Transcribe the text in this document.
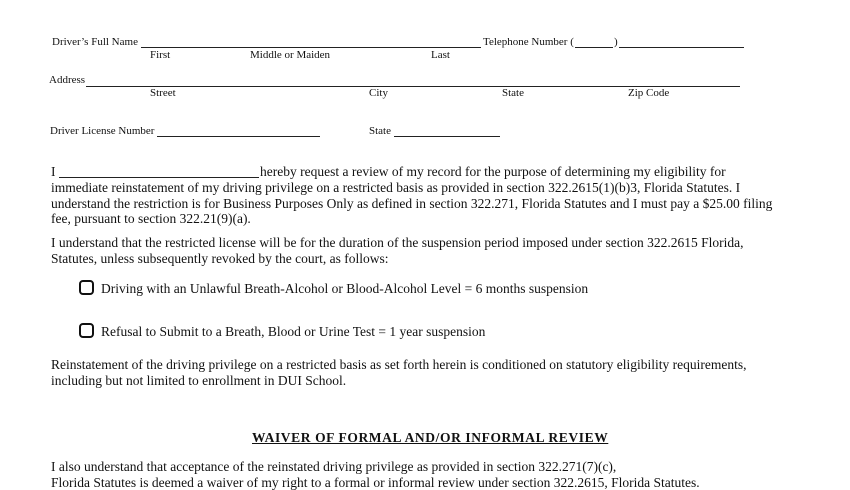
Driver’s Full Name	Telephone Number (	)
First	Middle or Maiden	Last
Address
Street	City	State	Zip Code
Driver License Number	State
I	hereby request a review of my record for the purpose of determining my eligibility for
immediate reinstatement of my driving privilege on a restricted basis as provided in section 322.2615(1)(b)3, Florida Statutes. I
understand the restriction is for Business Purposes Only as defined in section 322.271, Florida Statutes and I must pay a $25.00 filing
fee, pursuant to section 322.21(9)(a).
I understand that the restricted license will be for the duration of the suspension period imposed under section 322.2615 Florida,
Statutes, unless subsequently revoked by the court, as follows:
Driving with an Unlawful Breath-Alcohol or Blood-Alcohol Level = 6 months suspension
Refusal to Submit to a Breath, Blood or Urine Test = 1 year suspension
Reinstatement of the driving privilege on a restricted basis as set forth herein is conditioned on statutory eligibility requirements,
including but not limited to enrollment in DUI School.
WAIVER OF FORMAL AND/OR INFORMAL REVIEW
I also understand that acceptance of the reinstated driving privilege as provided in section 322.271(7)(c),
Florida Statutes is deemed a waiver of my right to a formal or informal review under section 322.2615, Florida Statutes.
